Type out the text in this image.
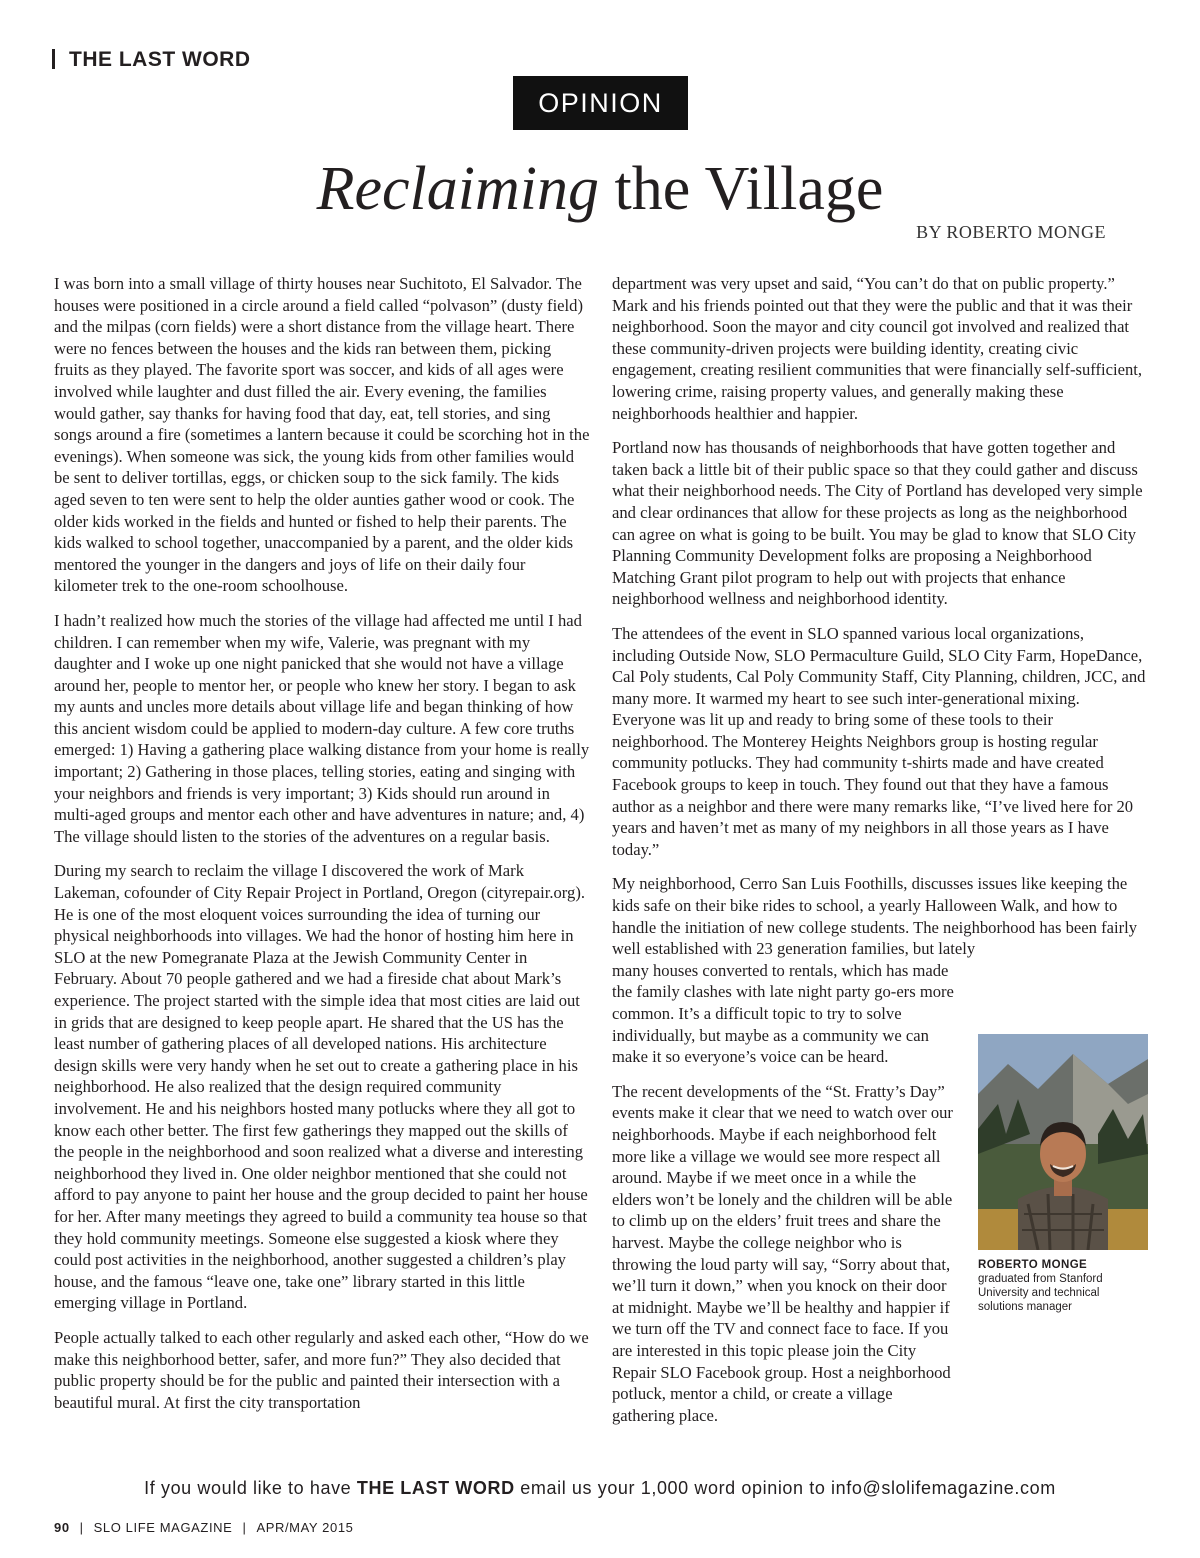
THE LAST WORD
OPINION
Reclaiming the Village
BY ROBERTO MONGE

I was born into a small village of thirty houses near Suchitoto, El Salvador. The houses were positioned in a circle around a field called “polvason” (dusty field) and the milpas (corn fields) were a short distance from the village heart. There were no fences between the houses and the kids ran between them, picking fruits as they played. The favorite sport was soccer, and kids of all ages were involved while laughter and dust filled the air. Every evening, the families would gather, say thanks for having food that day, eat, tell stories, and sing songs around a fire (sometimes a lantern because it could be scorching hot in the evenings). When someone was sick, the young kids from other families would be sent to deliver tortillas, eggs, or chicken soup to the sick family. The kids aged seven to ten were sent to help the older aunties gather wood or cook. The older kids worked in the fields and hunted or fished to help their parents. The kids walked to school together, unaccompanied by a parent, and the older kids mentored the younger in the dangers and joys of life on their daily four kilometer trek to the one-room schoolhouse.

I hadn’t realized how much the stories of the village had affected me until I had children. I can remember when my wife, Valerie, was pregnant with my daughter and I woke up one night panicked that she would not have a village around her, people to mentor her, or people who knew her story. I began to ask my aunts and uncles more details about village life and began thinking of how this ancient wisdom could be applied to modern-day culture. A few core truths emerged: 1) Having a gathering place walking distance from your home is really important; 2) Gathering in those places, telling stories, eating and singing with your neighbors and friends is very important; 3) Kids should run around in multi-aged groups and mentor each other and have adventures in nature; and, 4) The village should listen to the stories of the adventures on a regular basis.

During my search to reclaim the village I discovered the work of Mark Lakeman, cofounder of City Repair Project in Portland, Oregon (cityrepair.org). He is one of the most eloquent voices surrounding the idea of turning our physical neighborhoods into villages. We had the honor of hosting him here in SLO at the new Pomegranate Plaza at the Jewish Community Center in February. About 70 people gathered and we had a fireside chat about Mark’s experience. The project started with the simple idea that most cities are laid out in grids that are designed to keep people apart. He shared that the US has the least number of gathering places of all developed nations. His architecture design skills were very handy when he set out to create a gathering place in his neighborhood. He also realized that the design required community involvement. He and his neighbors hosted many potlucks where they all got to know each other better. The first few gatherings they mapped out the skills of the people in the neighborhood and soon realized what a diverse and interesting neighborhood they lived in. One older neighbor mentioned that she could not afford to pay anyone to paint her house and the group decided to paint her house for her. After many meetings they agreed to build a community tea house so that they hold community meetings. Someone else suggested a kiosk where they could post activities in the neighborhood, another suggested a children’s play house, and the famous “leave one, take one” library started in this little emerging village in Portland.

People actually talked to each other regularly and asked each other, “How do we make this neighborhood better, safer, and more fun?” They also decided that public property should be for the public and painted their intersection with a beautiful mural. At first the city transportation

department was very upset and said, “You can’t do that on public property.” Mark and his friends pointed out that they were the public and that it was their neighborhood. Soon the mayor and city council got involved and realized that these community-driven projects were building identity, creating civic engagement, creating resilient communities that were financially self-sufficient, lowering crime, raising property values, and generally making these neighborhoods healthier and happier.

Portland now has thousands of neighborhoods that have gotten together and taken back a little bit of their public space so that they could gather and discuss what their neighborhood needs. The City of Portland has developed very simple and clear ordinances that allow for these projects as long as the neighborhood can agree on what is going to be built. You may be glad to know that SLO City Planning Community Development folks are proposing a Neighborhood Matching Grant pilot program to help out with projects that enhance neighborhood wellness and neighborhood identity.

The attendees of the event in SLO spanned various local organizations, including Outside Now, SLO Permaculture Guild, SLO City Farm, HopeDance, Cal Poly students, Cal Poly Community Staff, City Planning, children, JCC, and many more. It warmed my heart to see such inter-generational mixing. Everyone was lit up and ready to bring some of these tools to their neighborhood. The Monterey Heights Neighbors group is hosting regular community potlucks. They had community t-shirts made and have created Facebook groups to keep in touch. They found out that they have a famous author as a neighbor and there were many remarks like, “I’ve lived here for 20 years and haven’t met as many of my neighbors in all those years as I have today.”

My neighborhood, Cerro San Luis Foothills, discusses issues like keeping the kids safe on their bike rides to school, a yearly Halloween Walk, and how to handle the initiation of new college students. The neighborhood has been fairly well established with 23 generation families, but lately

many houses converted to rentals, which has made the family clashes with late night party go-ers more common. It’s a difficult topic to try to solve individually, but maybe as a community we can make it so everyone’s voice can be heard.

The recent developments of the “St. Fratty’s Day” events make it clear that we need to watch over our neighborhoods. Maybe if each neighborhood felt more like a village we would see more respect all around. Maybe if we meet once in a while the elders won’t be lonely and the children will be able to climb up on the elders’ fruit trees and share the harvest. Maybe the college neighbor who is throwing the loud party will say, “Sorry about that, we’ll turn it down,” when you knock on their door at midnight. Maybe we’ll be healthy and happier if we turn off the TV and connect face to face. If you are interested in this topic please join the City Repair SLO Facebook group. Host a neighborhood potluck, mentor a child, or create a village gathering place.

ROBERTO MONGE
graduated from Stanford University and technical solutions manager
If you would like to have THE LAST WORD email us your 1,000 word opinion to info@slolifemagazine.com
90 | SLO LIFE MAGAZINE | APR/MAY 2015
